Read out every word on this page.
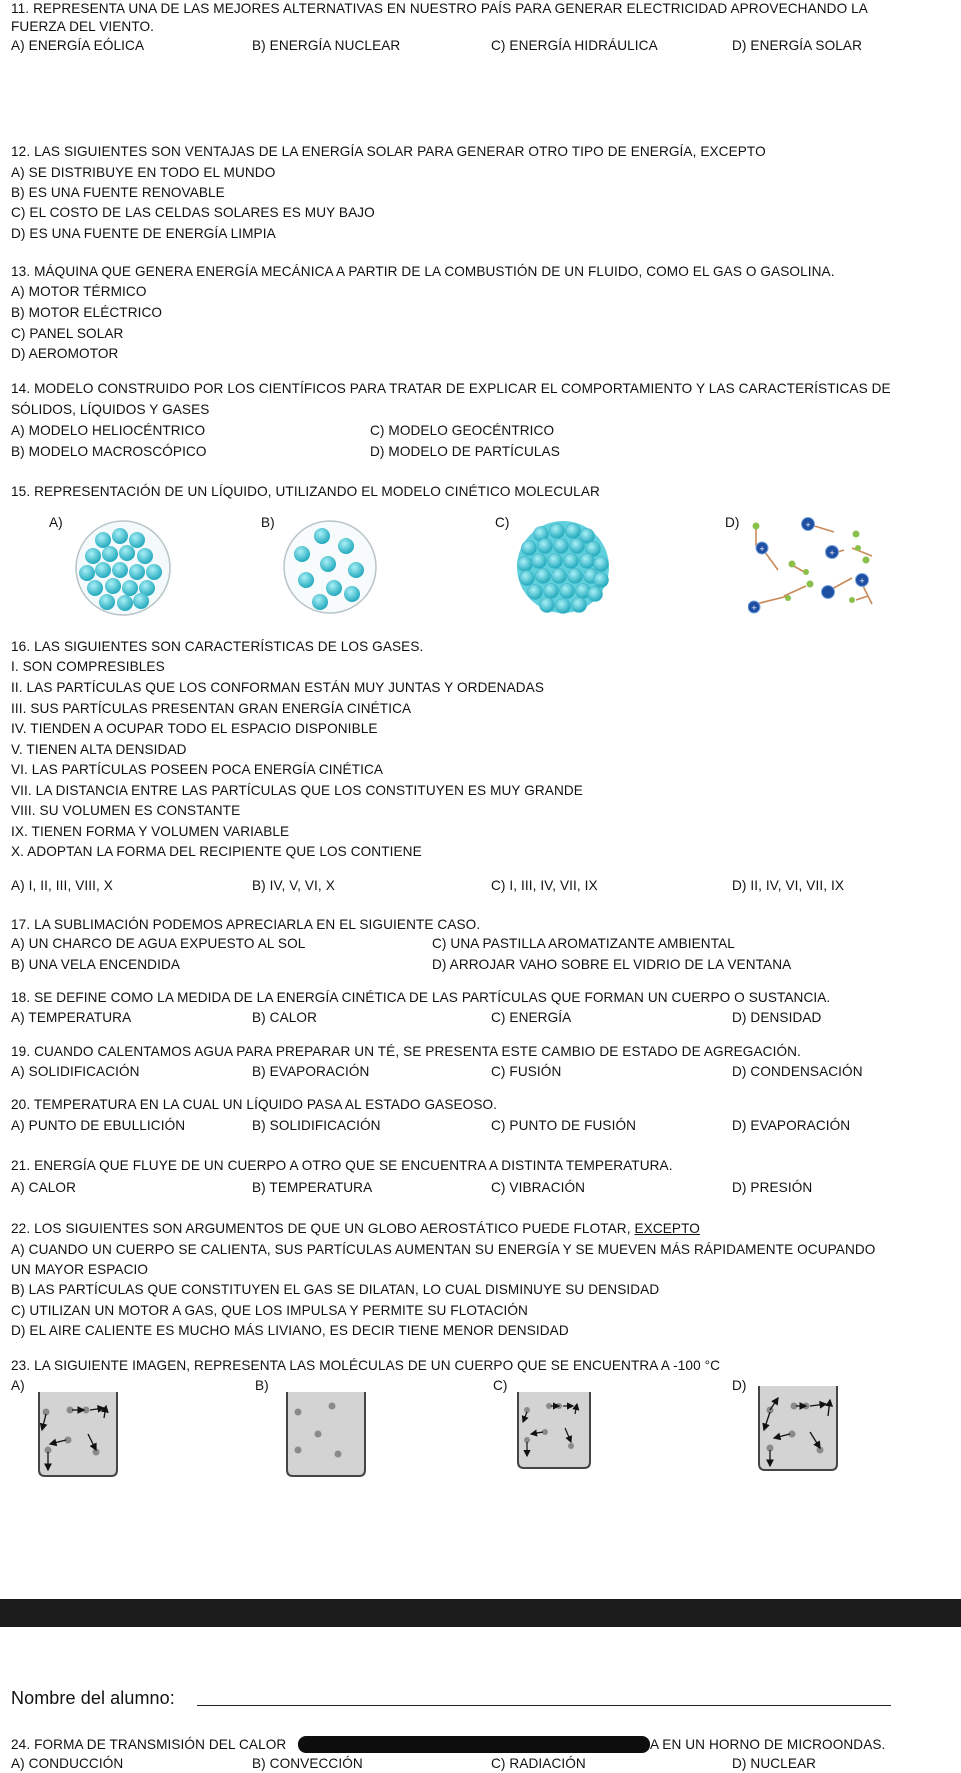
11. REPRESENTA UNA DE LAS MEJORES ALTERNATIVAS EN NUESTRO PAÍS PARA GENERAR ELECTRICIDAD APROVECHANDO LA
FUERZA DEL VIENTO.
A) ENERGÍA EÓLICA	B) ENERGÍA NUCLEAR	C) ENERGÍA HIDRÁULICA	D) ENERGÍA SOLAR
12. LAS SIGUIENTES SON VENTAJAS DE LA ENERGÍA SOLAR PARA GENERAR OTRO TIPO DE ENERGÍA, EXCEPTO
A) SE DISTRIBUYE EN TODO EL MUNDO
B) ES UNA FUENTE RENOVABLE
C) EL COSTO DE LAS CELDAS SOLARES ES MUY BAJO
D) ES UNA FUENTE DE ENERGÍA LIMPIA
13. MÁQUINA QUE GENERA ENERGÍA MECÁNICA A PARTIR DE LA COMBUSTIÓN DE UN FLUIDO, COMO EL GAS O GASOLINA.
A) MOTOR TÉRMICO
B) MOTOR ELÉCTRICO
C) PANEL SOLAR
D) AEROMOTOR
14. MODELO CONSTRUIDO POR LOS CIENTÍFICOS PARA TRATAR DE EXPLICAR EL COMPORTAMIENTO Y LAS CARACTERÍSTICAS DE
SÓLIDOS, LÍQUIDOS Y GASES
A) MODELO HELIOCÉNTRICO	C) MODELO GEOCÉNTRICO
B) MODELO MACROSCÓPICO	D) MODELO DE PARTÍCULAS
15. REPRESENTACIÓN DE UN LÍQUIDO, UTILIZANDO EL MODELO CINÉTICO MOLECULAR
A)	B)	C)	D)	+
+	+
+
+
16. LAS SIGUIENTES SON CARACTERÍSTICAS DE LOS GASES.
I. SON COMPRESIBLES
II. LAS PARTÍCULAS QUE LOS CONFORMAN ESTÁN MUY JUNTAS Y ORDENADAS
III. SUS PARTÍCULAS PRESENTAN GRAN ENERGÍA CINÉTICA
IV. TIENDEN A OCUPAR TODO EL ESPACIO DISPONIBLE
V. TIENEN ALTA DENSIDAD
VI. LAS PARTÍCULAS POSEEN POCA ENERGÍA CINÉTICA
VII. LA DISTANCIA ENTRE LAS PARTÍCULAS QUE LOS CONSTITUYEN ES MUY GRANDE
VIII. SU VOLUMEN ES CONSTANTE
IX. TIENEN FORMA Y VOLUMEN VARIABLE
X. ADOPTAN LA FORMA DEL RECIPIENTE QUE LOS CONTIENE
A) I, II, III, VIII, X	B) IV, V, VI, X	C) I, III, IV, VII, IX	D) II, IV, VI, VII, IX
17. LA SUBLIMACIÓN PODEMOS APRECIARLA EN EL SIGUIENTE CASO.
A) UN CHARCO DE AGUA EXPUESTO AL SOL	C) UNA PASTILLA AROMATIZANTE AMBIENTAL
B) UNA VELA ENCENDIDA	D) ARROJAR VAHO SOBRE EL VIDRIO DE LA VENTANA
18. SE DEFINE COMO LA MEDIDA DE LA ENERGÍA CINÉTICA DE LAS PARTÍCULAS QUE FORMAN UN CUERPO O SUSTANCIA.
A) TEMPERATURA	B) CALOR	C) ENERGÍA	D) DENSIDAD
19. CUANDO CALENTAMOS AGUA PARA PREPARAR UN TÉ, SE PRESENTA ESTE CAMBIO DE ESTADO DE AGREGACIÓN.
A) SOLIDIFICACIÓN	B) EVAPORACIÓN	C) FUSIÓN	D) CONDENSACIÓN
20. TEMPERATURA EN LA CUAL UN LÍQUIDO PASA AL ESTADO GASEOSO.
A) PUNTO DE EBULLICIÓN	B) SOLIDIFICACIÓN	C) PUNTO DE FUSIÓN	D) EVAPORACIÓN
21. ENERGÍA QUE FLUYE DE UN CUERPO A OTRO QUE SE ENCUENTRA A DISTINTA TEMPERATURA.
A) CALOR	B) TEMPERATURA	C) VIBRACIÓN	D) PRESIÓN
22. LOS SIGUIENTES SON ARGUMENTOS DE QUE UN GLOBO AEROSTÁTICO PUEDE FLOTAR, EXCEPTO
A) CUANDO UN CUERPO SE CALIENTA, SUS PARTÍCULAS AUMENTAN SU ENERGÍA Y SE MUEVEN MÁS RÁPIDAMENTE OCUPANDO
UN MAYOR ESPACIO
B) LAS PARTÍCULAS QUE CONSTITUYEN EL GAS SE DILATAN, LO CUAL DISMINUYE SU DENSIDAD
C) UTILIZAN UN MOTOR A GAS, QUE LOS IMPULSA Y PERMITE SU FLOTACIÓN
D) EL AIRE CALIENTE ES MUCHO MÁS LIVIANO, ES DECIR TIENE MENOR DENSIDAD
23. LA SIGUIENTE IMAGEN, REPRESENTA LAS MOLÉCULAS DE UN CUERPO QUE SE ENCUENTRA A -100 °C
A)	B)	C)	D)
Nombre del alumno:
24. FORMA DE TRANSMISIÓN DEL CALOR	A EN UN HORNO DE MICROONDAS.
A) CONDUCCIÓN	B) CONVECCIÓN	C) RADIACIÓN	D) NUCLEAR
